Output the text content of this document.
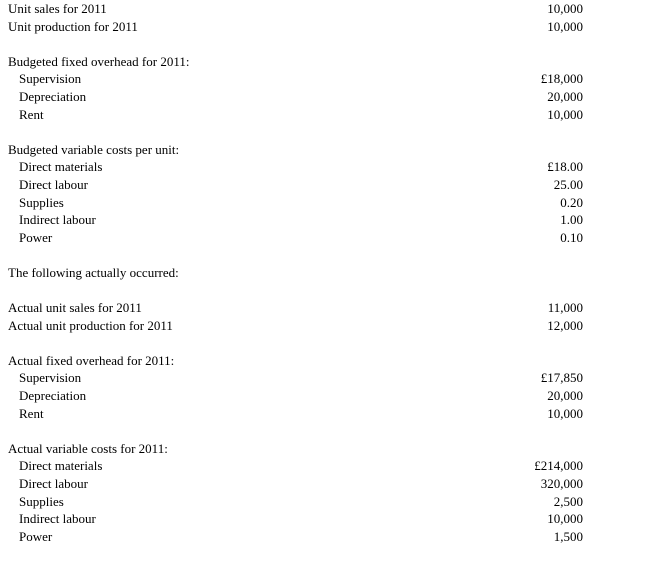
Unit sales for 2011	10,000
Unit production for 2011	10,000
Budgeted fixed overhead for 2011:
Supervision	£18,000
Depreciation	20,000
Rent	10,000
Budgeted variable costs per unit:
Direct materials	£18.00
Direct labour	25.00
Supplies	0.20
Indirect labour	1.00
Power	0.10
The following actually occurred:
Actual unit sales for 2011	11,000
Actual unit production for 2011	12,000
Actual fixed overhead for 2011:
Supervision	£17,850
Depreciation	20,000
Rent	10,000
Actual variable costs for 2011:
Direct materials	£214,000
Direct labour	320,000
Supplies	2,500
Indirect labour	10,000
Power	1,500
